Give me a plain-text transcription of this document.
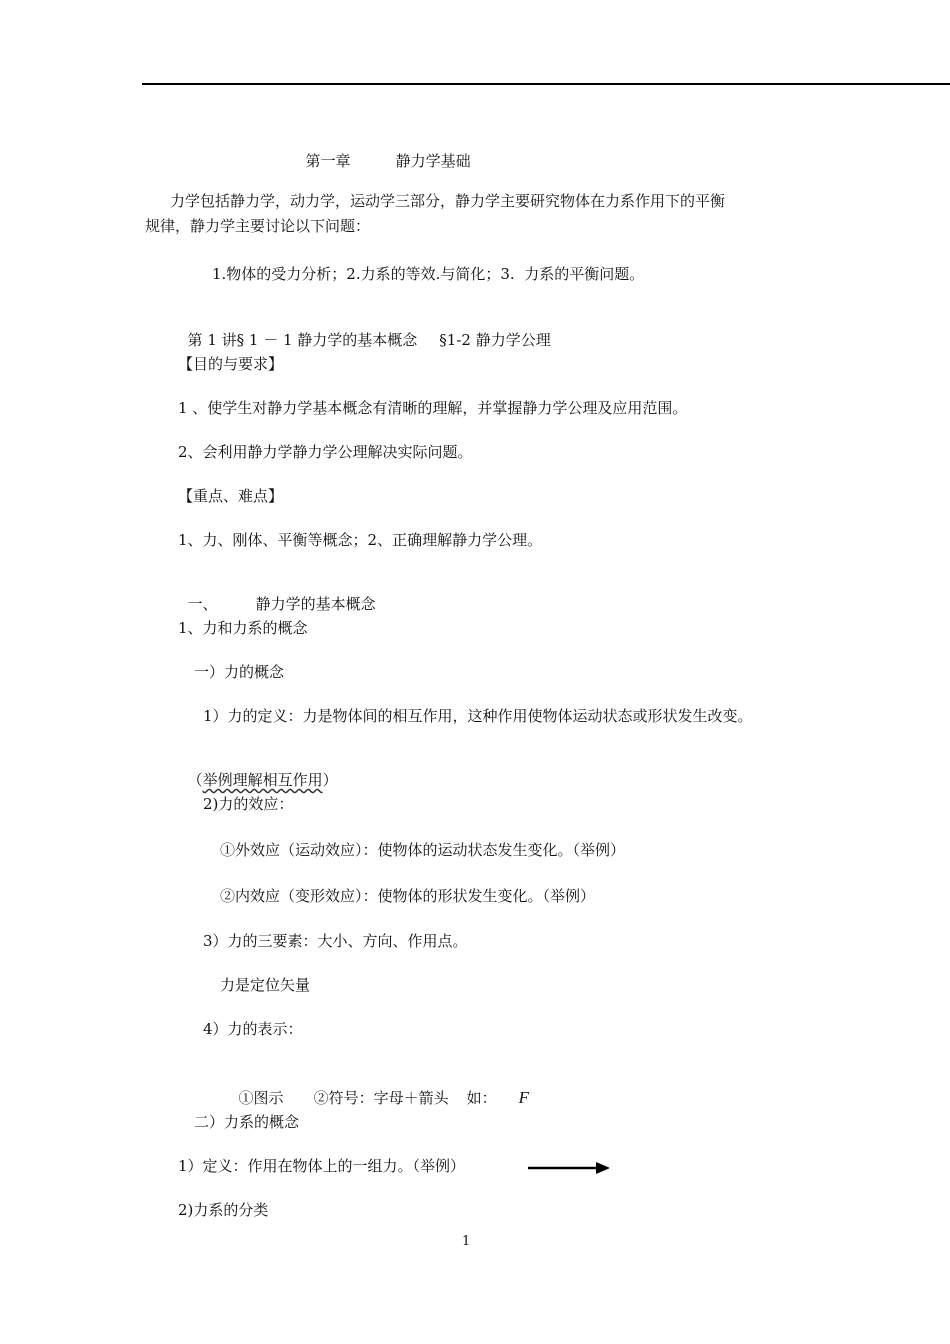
第一章	静力学基础

力学包括静力学，动力学，运动学三部分，静力学主要研究物体在力系作用下的平衡
规律，静力学主要讨论以下问题：
1.物体的受力分析；2.力系的等效.与简化；3.  力系的平衡问题。

第 1 讲§ 1 － 1 静力学的基本概念 §1-2 静力学公理

【目的与要求】
1 、使学生对静力学基本概念有清晰的理解，并掌握静力学公理及应用范围。
2、会利用静力学静力学公理解决实际问题。
【重点、难点】
1、力、刚体、平衡等概念；2、正确理解静力学公理。

一、	静力学的基本概念

1、力和力系的概念
一）力的概念
1）力的定义：力是物体间的相互作用，这种作用使物体运动状态或形状发生改变。

（举例理解相互作用）

2)力的效应：
①外效应（运动效应）：使物体的运动状态发生变化。（举例）
②内效应（变形效应）：使物体的形状发生变化。（举例）
3）力的三要素：大小、方向、作用点。
力是定位矢量
4）力的表示：

①图示 ②符号：字母＋箭头 如： F

二）力系的概念
1）定义：作用在物体上的一组力。（举例）
2)力系的分类
1
